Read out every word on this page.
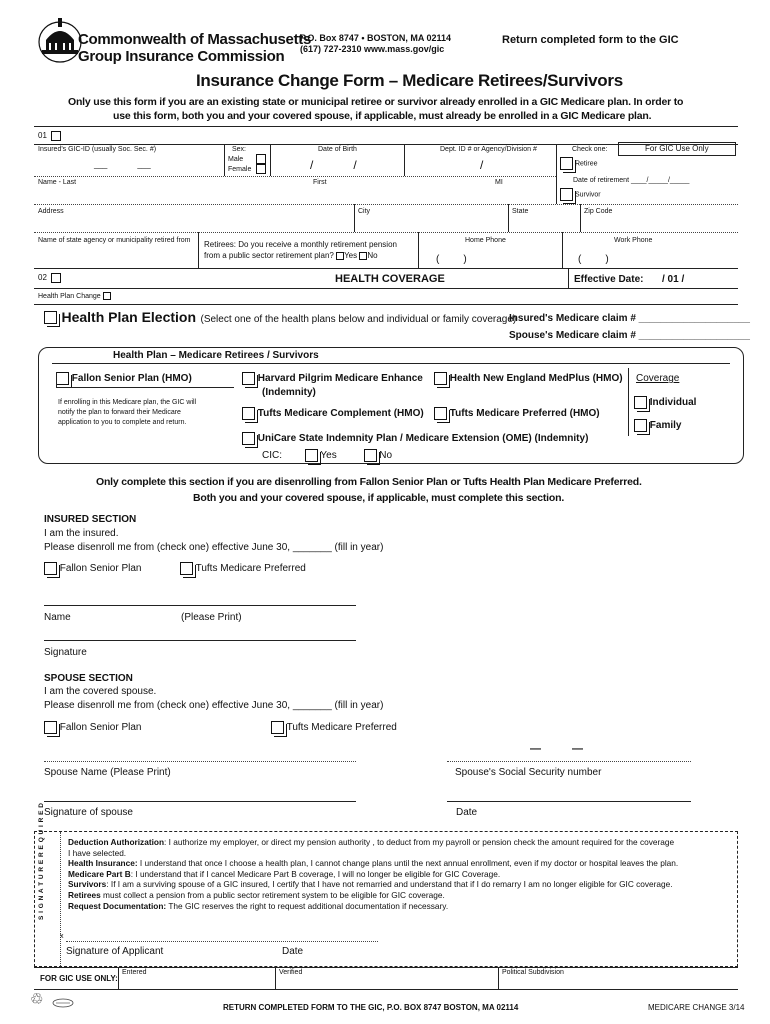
Commonwealth of Massachusetts
Group Insurance Commission
P.O. Box 8747 • BOSTON, MA 02114
(617) 727-2310 www.mass.gov/gic
Return completed form to the GIC
Insurance Change Form – Medicare Retirees/Survivors
Only use this form if you are an existing state or municipal retiree or survivor already enrolled in a GIC Medicare plan. In order to
use this form, both you and your covered spouse, if applicable, must already be enrolled in a GIC Medicare plan.
01
Insured's GIC-ID (usually Soc. Sec. #)
___	___
Sex:
Male
Female
Date of Birth
/	/
Dept. ID # or Agency/Division #
/
Check one:	For GIC Use Only
Retiree
Date of retirement ____/_____/_____
Survivor
Name - Last	First	MI
Address	City	State	Zip Code
Name of state agency or municipality retired from Retirees: Do you receive a monthly retirement pension
from a public sector retirement plan? Yes No
Home Phone
( )
Work Phone
( )
02	HEALTH COVERAGE	Effective Date: / 01 /
Health Plan Change
Health Plan Election (Select one of the health plans below and individual or family coverage)
Insured's Medicare claim # ____________________
Spouse's Medicare claim # ____________________
Health Plan – Medicare Retirees / Survivors
Fallon Senior Plan (HMO)
If enrolling in this Medicare plan, the GIC will
notify the plan to forward their Medicare
application to you to complete and return.
Harvard Pilgrim Medicare Enhance
(Indemnity)
Health New England MedPlus (HMO)
Tufts Medicare Complement (HMO)	Tufts Medicare Preferred (HMO)
UniCare State Indemnity Plan / Medicare Extension (OME) (Indemnity)
CIC:	Yes	No
Coverage
Individual
Family
Only complete this section if you are disenrolling from Fallon Senior Plan or Tufts Health Plan Medicare Preferred.
Both you and your covered spouse, if applicable, must complete this section.
INSURED SECTION
I am the insured.
Please disenroll me from (check one) effective June 30, _______ (fill in year)
Fallon Senior Plan	Tufts Medicare Preferred
Name	(Please Print)
Signature
SPOUSE SECTION
I am the covered spouse.
Please disenroll me from (check one) effective June 30, _______ (fill in year)
Fallon Senior Plan	Tufts Medicare Preferred
—	—
Spouse Name (Please Print)	Spouse's Social Security number
Signature of spouse	Date
S I G N A T U R E R E Q U I R E D	Deduction Authorization: I authorize my employer, or direct my pension authority , to deduct from my payroll or pension check the amount required for the coverage
I have selected.
Health Insurance: I understand that once I choose a health plan, I cannot change plans until the next annual enrollment, even if my doctor or hospital leaves the plan.
Medicare Part B: I understand that if I cancel Medicare Part B coverage, I will no longer be eligible for GIC Coverage.
Survivors: If I am a surviving spouse of a GIC insured, I certify that I have not remarried and understand that if I do remarry I am no longer eligible for GIC coverage.
Retirees must collect a pension from a public sector retirement system to be eligible for GIC coverage.
Request Documentation: The GIC reserves the right to request additional documentation if necessary.
x
Signature of Applicant	Date
FOR GIC USE ONLY:
Entered	Verified	Political Subdivision
♲	RETURN COMPLETED FORM TO THE GIC, P.O. BOX 8747 BOSTON, MA 02114	MEDICARE CHANGE 3/14
